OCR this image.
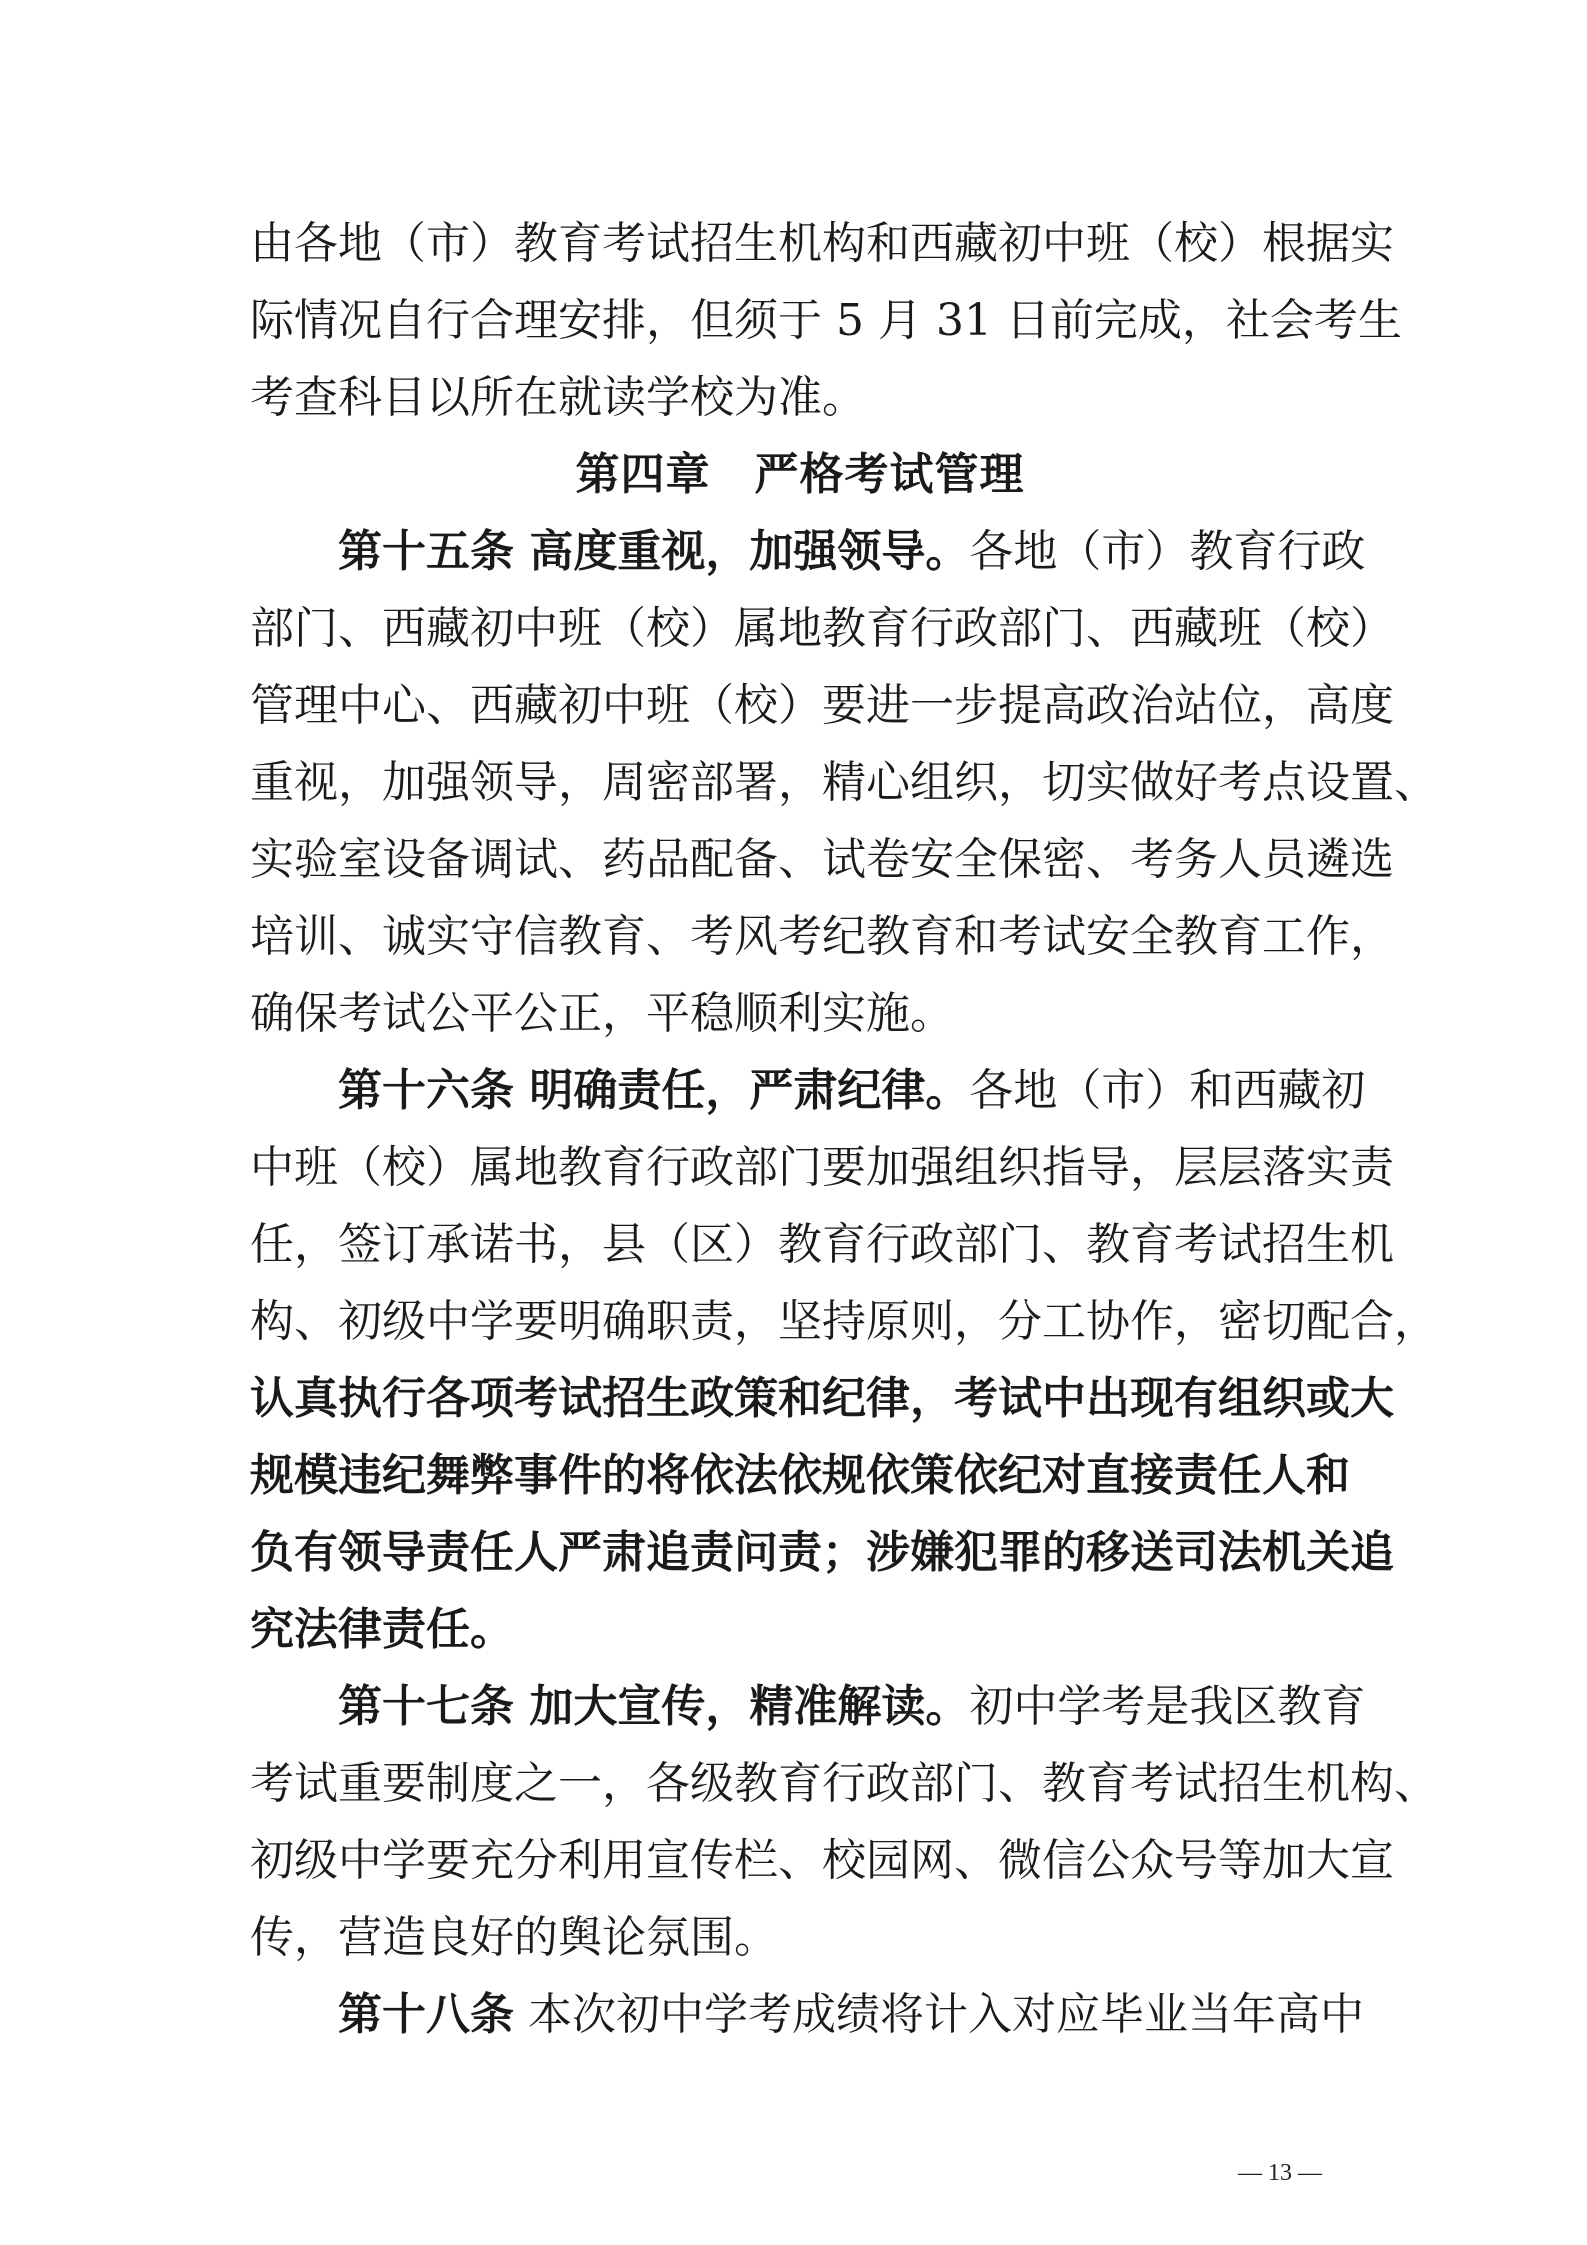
由各地（市）教育考试招生机构和西藏初中班（校）根据实
际情况自行合理安排，但须于 5 月 31 日前完成，社会考生
考查科目以所在就读学校为准。
第四章 严格考试管理
第十五条 高度重视，加强领导。各地（市）教育行政
部门、西藏初中班（校）属地教育行政部门、西藏班（校）
管理中心、西藏初中班（校）要进一步提高政治站位，高度
重视，加强领导，周密部署，精心组织，切实做好考点设置、
实验室设备调试、药品配备、试卷安全保密、考务人员遴选
培训、诚实守信教育、考风考纪教育和考试安全教育工作，
确保考试公平公正，平稳顺利实施。
第十六条 明确责任，严肃纪律。各地（市）和西藏初
中班（校）属地教育行政部门要加强组织指导，层层落实责
任，签订承诺书，县（区）教育行政部门、教育考试招生机
构、初级中学要明确职责，坚持原则，分工协作，密切配合，
认真执行各项考试招生政策和纪律，考试中出现有组织或大
规模违纪舞弊事件的将依法依规依策依纪对直接责任人和
负有领导责任人严肃追责问责；涉嫌犯罪的移送司法机关追
究法律责任。
第十七条 加大宣传，精准解读。初中学考是我区教育
考试重要制度之一，各级教育行政部门、教育考试招生机构、
初级中学要充分利用宣传栏、校园网、微信公众号等加大宣
传，营造良好的舆论氛围。
第十八条 本次初中学考成绩将计入对应毕业当年高中
— 13 —
